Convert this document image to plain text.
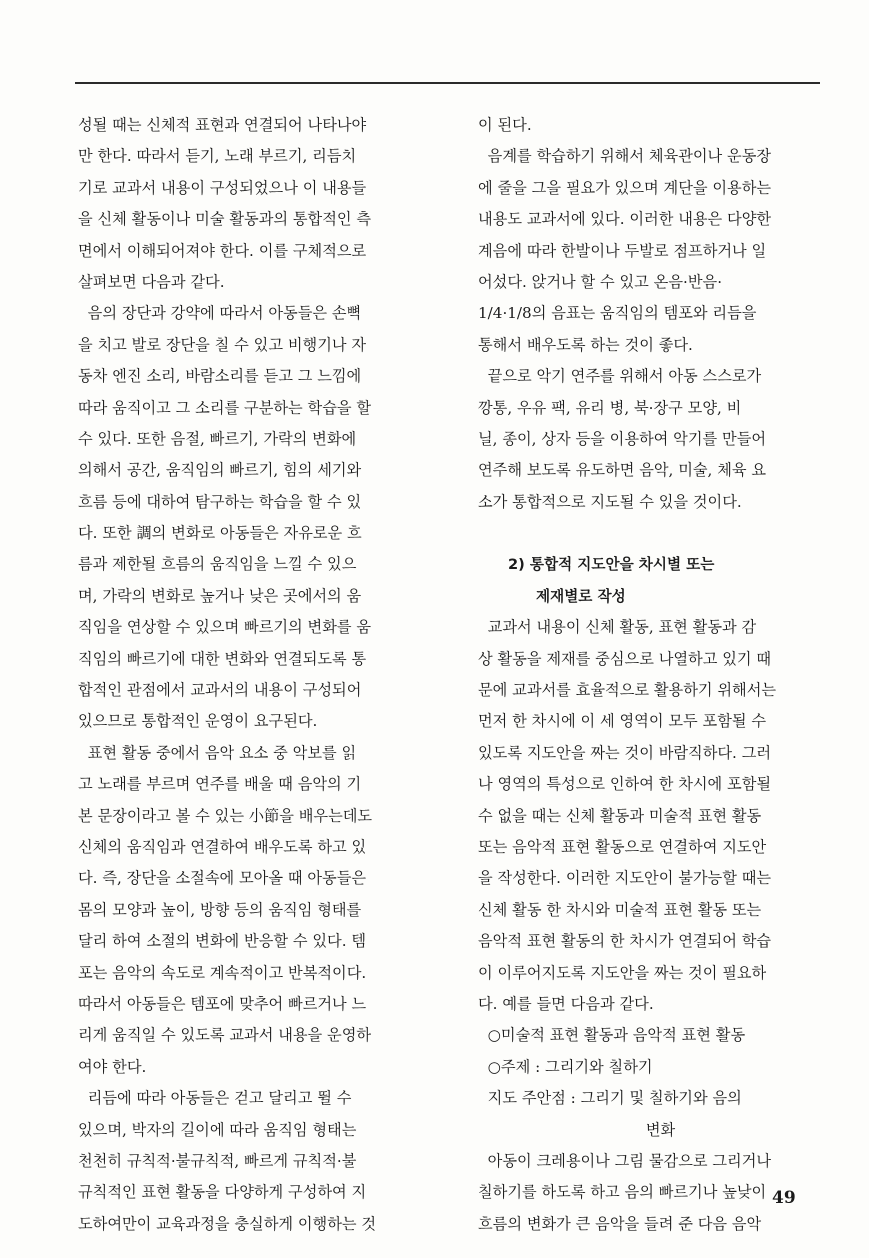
성될 때는 신체적 표현과 연결되어 나타나야
만 한다. 따라서 듣기, 노래 부르기, 리듬치
기로 교과서 내용이 구성되었으나 이 내용들
을 신체 활동이나 미술 활동과의 통합적인 측
면에서 이해되어져야 한다. 이를 구체적으로
살펴보면 다음과 같다.
음의 장단과 강약에 따라서 아동들은 손뼉
을 치고 발로 장단을 칠 수 있고 비행기나 자
동차 엔진 소리, 바람소리를 듣고 그 느낌에
따라 움직이고 그 소리를 구분하는 학습을 할
수 있다. 또한 음절, 빠르기, 가락의 변화에
의해서 공간, 움직임의 빠르기, 힘의 세기와
흐름 등에 대하여 탐구하는 학습을 할 수 있
다. 또한 調의 변화로 아동들은 자유로운 흐
름과 제한될 흐름의 움직임을 느낄 수 있으
며, 가락의 변화로 높거나 낮은 곳에서의 움
직임을 연상할 수 있으며 빠르기의 변화를 움
직임의 빠르기에 대한 변화와 연결되도록 통
합적인 관점에서 교과서의 내용이 구성되어
있으므로 통합적인 운영이 요구된다.
표현 활동 중에서 음악 요소 중 악보를 읽
고 노래를 부르며 연주를 배울 때 음악의 기
본 문장이라고 볼 수 있는 小節을 배우는데도
신체의 움직임과 연결하여 배우도록 하고 있
다. 즉, 장단을 소절속에 모아올 때 아동들은
몸의 모양과 높이, 방향 등의 움직임 형태를
달리 하여 소절의 변화에 반응할 수 있다. 템
포는 음악의 속도로 계속적이고 반복적이다.
따라서 아동들은 템포에 맞추어 빠르거나 느
리게 움직일 수 있도록 교과서 내용을 운영하
여야 한다.
리듬에 따라 아동들은 걷고 달리고 뛸 수
있으며, 박자의 길이에 따라 움직임 형태는
천천히 규칙적·불규칙적, 빠르게 규칙적·불
규칙적인 표현 활동을 다양하게 구성하여 지
도하여만이 교육과정을 충실하게 이행하는 것
이 된다.
음계를 학습하기 위해서 체육관이나 운동장
에 줄을 그을 필요가 있으며 계단을 이용하는
내용도 교과서에 있다. 이러한 내용은 다양한
계음에 따라 한발이나 두발로 점프하거나 일
어섰다. 앉거나 할 수 있고 온음·반음·
1/4·1/8의 음표는 움직임의 템포와 리듬을
통해서 배우도록 하는 것이 좋다.
끝으로 악기 연주를 위해서 아동 스스로가
깡통, 우유 팩, 유리 병, 북·장구 모양, 비
닐, 종이, 상자 등을 이용하여 악기를 만들어
연주해 보도록 유도하면 음악, 미술, 체육 요
소가 통합적으로 지도될 수 있을 것이다.
2) 통합적 지도안을 차시별 또는
제재별로 작성
교과서 내용이 신체 활동, 표현 활동과 감
상 활동을 제재를 중심으로 나열하고 있기 때
문에 교과서를 효율적으로 활용하기 위해서는
먼저 한 차시에 이 세 영역이 모두 포함될 수
있도록 지도안을 짜는 것이 바람직하다. 그러
나 영역의 특성으로 인하여 한 차시에 포함될
수 없을 때는 신체 활동과 미술적 표현 활동
또는 음악적 표현 활동으로 연결하여 지도안
을 작성한다. 이러한 지도안이 불가능할 때는
신체 활동 한 차시와 미술적 표현 활동 또는
음악적 표현 활동의 한 차시가 연결되어 학습
이 이루어지도록 지도안을 짜는 것이 필요하
다. 예를 들면 다음과 같다.
○미술적 표현 활동과 음악적 표현 활동
○주제 : 그리기와 칠하기
지도 주안점 : 그리기 및 칠하기와 음의
변화
아동이 크레용이나 그림 물감으로 그리거나
칠하기를 하도록 하고 음의 빠르기나 높낮이
흐름의 변화가 큰 음악을 들려 준 다음 음악
49
